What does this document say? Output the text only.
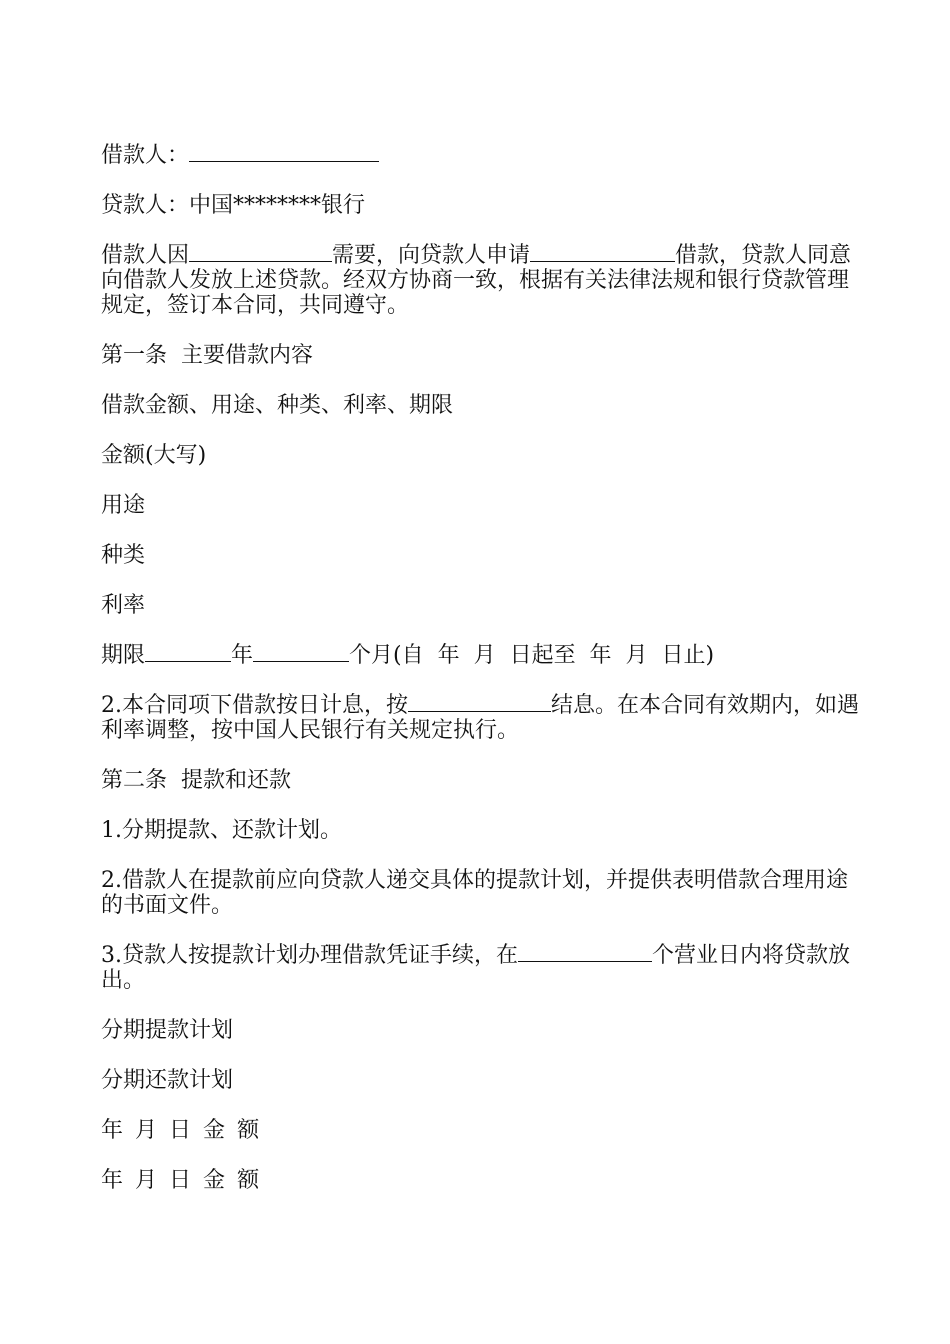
借款人：

贷款人：中国********银行

借款人因	需要，向贷款人申请	借款，贷款人同意向借款人发放上述贷款。经双方协商一致，根据有关法律法规和银行贷款管理规定，签订本合同，共同遵守。

第一条  主要借款内容

借款金额、用途、种类、利率、期限

金额(大写)

用途

种类

利率

期限	年	个月(自  年  月  日起至  年  月  日止)

2.本合同项下借款按日计息，按	结息。在本合同有效期内，如遇利率调整，按中国人民银行有关规定执行。

第二条  提款和还款

1.分期提款、还款计划。

2.借款人在提款前应向贷款人递交具体的提款计划，并提供表明借款合理用途的书面文件。

3.贷款人按提款计划办理借款凭证手续，在	个营业日内将贷款放出。

分期提款计划

分期还款计划

年 月 日 金 额

年 月 日 金 额
